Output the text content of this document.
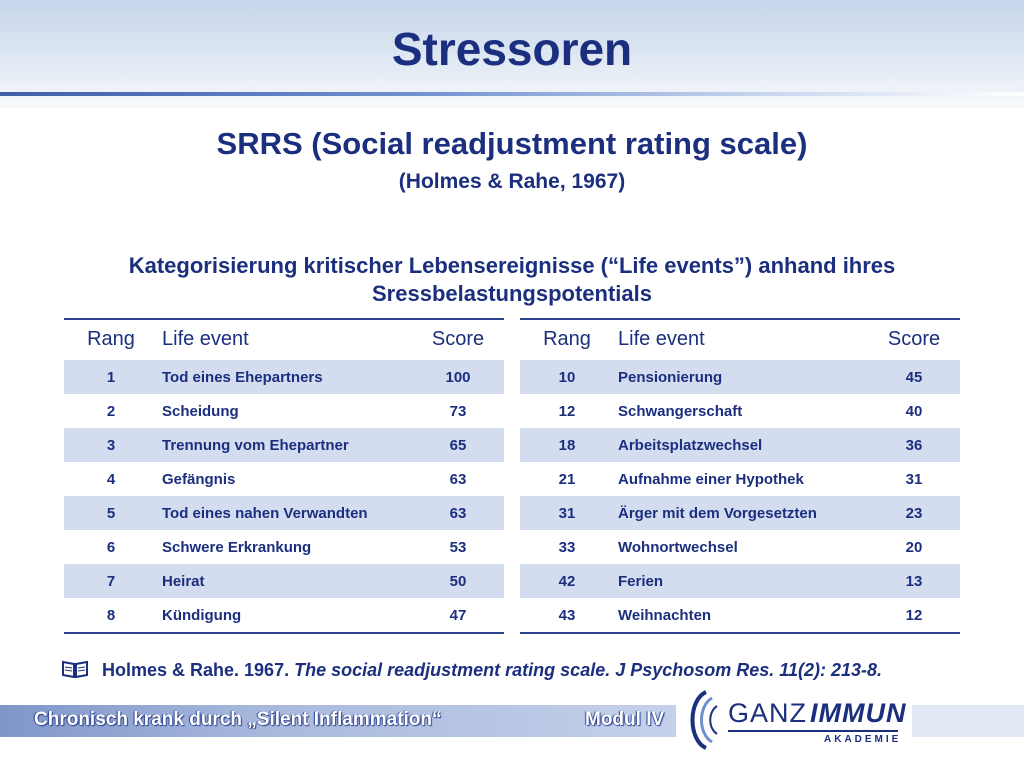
Stressoren
SRRS (Social readjustment rating scale)
(Holmes & Rahe, 1967)
Kategorisierung kritischer Lebensereignisse (“Life events”) anhand ihres Sressbelastungspotentials
Rang	Life event	Score
1	Tod eines Ehepartners	100
2	Scheidung	73
3	Trennung vom Ehepartner	65
4	Gefängnis	63
5	Tod eines nahen Verwandten	63
6	Schwere Erkrankung	53
7	Heirat	50
8	Kündigung	47
Rang	Life event	Score
10	Pensionierung	45
12	Schwangerschaft	40
18	Arbeitsplatzwechsel	36
21	Aufnahme einer Hypothek	31
31	Ärger mit dem Vorgesetzten	23
33	Wohnortwechsel	20
42	Ferien	13
43	Weihnachten	12
Holmes & Rahe. 1967. The social readjustment rating scale. J Psychosom Res. 11(2): 213-8.
Chronisch krank durch „Silent Inflammation“	Modul IV GANZ IMMUN
AKADEMIE
